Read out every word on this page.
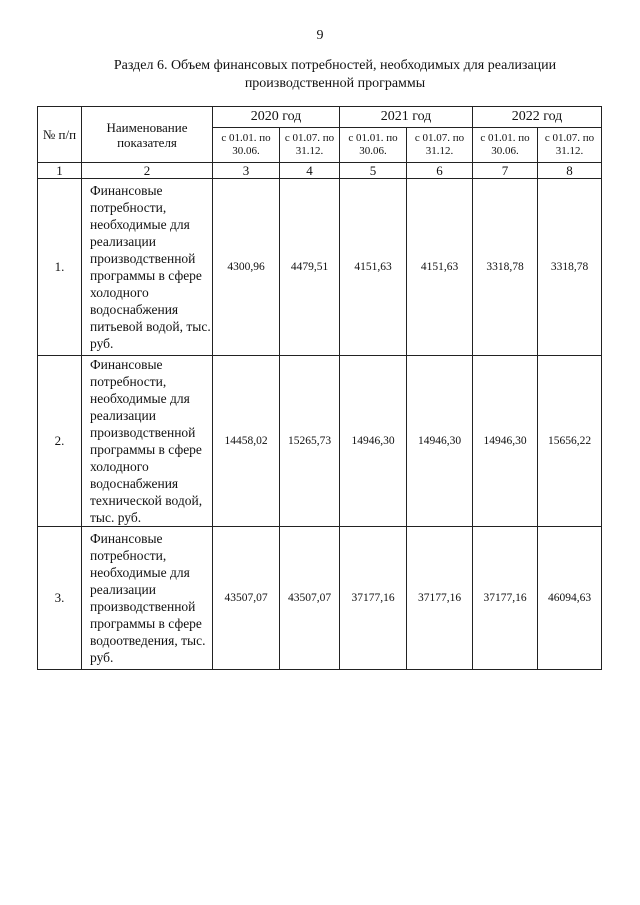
9
Раздел 6. Объем финансовых потребностей, необходимых для реализации производственной программы
№ п/п	Наименование показателя	2020 год		2021 год		2022 год	
		с 01.01. по 30.06.	с 01.07. по 31.12.	с 01.01. по 30.06.	с 01.07. по 31.12.	с 01.01. по 30.06.	с 01.07. по 31.12.
1	2	3	4	5	6	7	8
1.	Финансовые потребности, необходимые для реализации производственной программы в сфере холодного водоснабжения питьевой водой, тыс. руб.	4300,96	4479,51	4151,63	4151,63	3318,78	3318,78
2.	Финансовые потребности, необходимые для реализации производственной программы в сфере холодного водоснабжения технической водой, тыс. руб.	14458,02	15265,73	14946,30	14946,30	14946,30	15656,22
3.	Финансовые потребности, необходимые для реализации производственной программы в сфере водоотведения, тыс. руб.	43507,07	43507,07	37177,16	37177,16	37177,16	46094,63
